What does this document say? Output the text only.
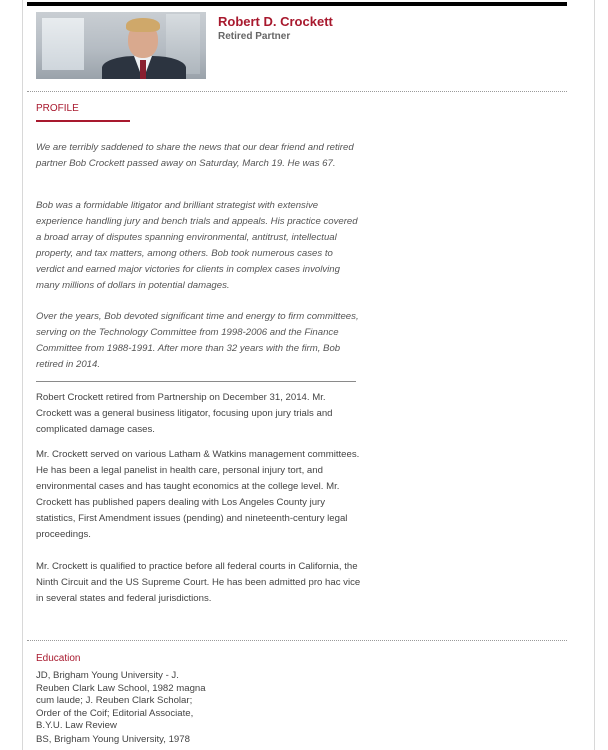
Robert D. Crockett
Retired Partner
PROFILE

We are terribly saddened to share the news that our dear friend and retired partner Bob Crockett passed away on Saturday, March 19. He was 67.

Bob was a formidable litigator and brilliant strategist with extensive experience handling jury and bench trials and appeals. His practice covered a broad array of disputes spanning environmental, antitrust, intellectual property, and tax matters, among others. Bob took numerous cases to verdict and earned major victories for clients in complex cases involving many millions of dollars in potential damages.

Over the years, Bob devoted significant time and energy to firm committees, serving on the Technology Committee from 1998-2006 and the Finance Committee from 1988-1991. After more than 32 years with the firm, Bob retired in 2014.

Robert Crockett retired from Partnership on December 31, 2014. Mr. Crockett was a general business litigator, focusing upon jury trials and complicated damage cases.

Mr. Crockett served on various Latham & Watkins management committees. He has been a legal panelist in health care, personal injury tort, and environmental cases and has taught economics at the college level. Mr. Crockett has published papers dealing with Los Angeles County jury statistics, First Amendment issues (pending) and nineteenth-century legal proceedings.

Mr. Crockett is qualified to practice before all federal courts in California, the Ninth Circuit and the US Supreme Court. He has been admitted pro hac vice in several states and federal jurisdictions.

Education

JD, Brigham Young University - J. Reuben Clark Law School, 1982 magna cum laude; J. Reuben Clark Scholar; Order of the Coif; Editorial Associate, B.Y.U. Law Review

BS, Brigham Young University, 1978
